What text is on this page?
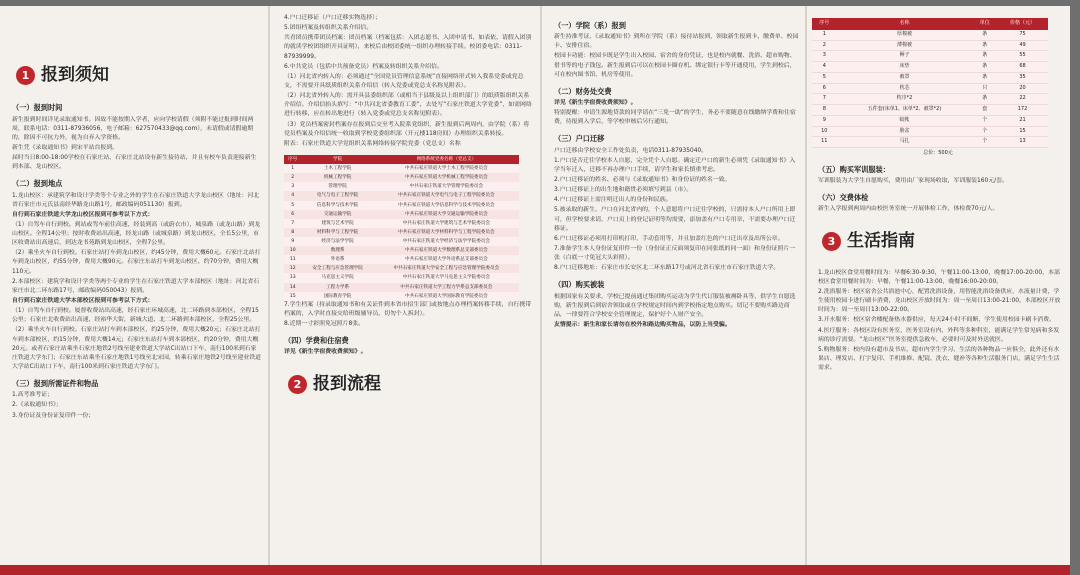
1 报到须知
（一）报到时间
新生报到时间详见录取通知书。因故不能按期入学者，应向学校请假（须附不能过报到时间两周，联系电话：0311-87936056，电子邮箱：627570433@qq.com），未请假或请假逾期的，除因不可抗力外，视为自弃入学资格。
新生凭《录取通知书》到宋平站台报到。
届时当日8:00-18:00学校在石家庄站、石家庄北站设有新生接待站，并且有校车负责迎接新生到本部、龙山校区。
（二）报到地点
1.龙山校区：承建筑学和设计学类等个专业之外的学生在石家庄铁道大学龙山校区（地址：河北省石家庄市元氏县南经华路龙山路1号，邮政编码051130）报到。
自行到石家庄铁道大学龙山校区报到可参考以下方式：
（1）自驾车自行到校。到站或驾车前往高速，经装到高（或蔚衣市），城泉路（或龙山路）到龙山校区。全程14公里；按时收费站出高速，经龙山路（或城泉路）到龙山校区，全长5公里，市区收费站出高速后，到达龙书苑路到龙山校区，全程7公里。
（2）乘坐火车自行到校。石家庄站打车到龙山校区，约45分钟，费用大概60元。石家庄北站打车到龙山校区，约55分钟，费用大概90元。石家庄东站打车到龙山校区，约70分钟，费用大概110元。
2.本部校区：建筑学和设计学类等两个专业的学生在石家庄铁道大学本部校区（地址：河北省石家庄市北二环东路17号，邮政编码050043）报到。
自行到石家庄铁道大学本部校区报到可参考以下方式：
（1）自驾车自行到校。厦督收费站出高速，经石家庄环城高速，北二环路到本部校区，全程15公里；石家庄北收费站出高速，经裕华大街，新城大道、北二环路到本部校区，全程25公里。
（2）乘坐火车自行到校。石家庄站打车到本部校区，约25分钟，费用大概20元；石家庄北站打车到本部校区，约15分钟，费用大概14元；石家庄东站打车到本部校区，约20分钟，费用大概20元。或者石家庄站乘坐石家庄地铁2号线至建业铁道大学站C出站口下车，南行100米到石家庄铁道大学东门；石家庄东站乘坐石家庄地铁1号线至北宋园，转乘石家庄地铁2号线至建业铁道大学站C出站口下车，南行100米到石家庄铁道大学东门。
（三）报到所需证件和物品
1.高考准考证；
2.《录取通知书》；
3.身份证及身份证复印件一份；
4.户口迁移证（户口迁移实物选择）；
5.团组档案及转组织关系介绍信。
共青团员携带团员档案：团员档案（档案包括：入团志愿书、入团申请书、如表依、请假入团别的就读学校团组织开具证明），来校后由校团委统一组织办理转接手续。校团委电话：0311-87939999。
6.中共党员（包括中共预备党员）档案及转组织关系介绍信。
（1）河北省内转入的：必须通过“全国党员管理信息系统”直接网络形式转入我系党委或党总支，不需要开具纸质组织关系介绍信（转入党委或党总支名称见附表）。
（2）河北省外转入的：需开具县委组织部（或相当于县级及以上组织部门）的纸质版组织关系介绍信。介绍信抬头填写：“中共河北省委教育工委”，去处写“石家庄铁道大学党委”，如需网络进行转移，应在转出地进行（转入党委或党总支名称见附表）。
（3）党员档案密封档案存在报到后交至考入院系党组织，新生报到后两周内，由学院（系）将党员档案及介绍信统一收取到学校党委组织部（开元楼118房间）办理组织关系转接。
附表：石家庄铁道大学党组织关系网络转接学院党委（党总支）名称
序号	学院	网络系统党委名称（党总支）
1	土木工程学院	中共石家庄铁道大学土木工程学院委员会
2	机械工程学院	中共石家庄铁道大学机械工程学院委员会
3	管理学院	中共石家庄铁道大学管理学院委员会
4	电气与电子工程学院	中共石家庄铁道大学电气与电子工程学院委员会
5	信息科学与技术学院	中共石家庄铁道大学信息科学与技术学院委员会
6	交通运输学院	中共石家庄铁道大学交通运输学院委员会
7	建筑与艺术学院	中共石家庄铁道大学建筑与艺术学院委员会
8	材料科学与工程学院	中共石家庄铁道大学材料科学与工程学院委员会
9	经济与法学学院	中共石家庄铁道大学经济与法学学院委员会
10	数理系	中共石家庄铁道大学数理系总支部委员会
11	外语系	中共石家庄铁道大学外语系总支部委员会
12	安全工程与应急管理学院	中共石家庄铁道大学安全工程与应急管理学院委员会
13	马克思主义学院	中共石家庄铁道大学马克思主义学院委员会
14	工程力学系	中共石家庄铁道大学工程力学系总支部委员会
15	国际教育学院	中共石家庄铁道大学国际教育学院委员会
7.学生档案（持录取通知书和有关证件到本省市招生部门或按地点办理档案转移手续，自行携带档案的，入学时直接交给班级辅导员，切勿个人拆封）。
8.近期一寸彩照免冠照片8张。
（四）学费和住宿费
详见《新生学宿费收费须知》。
2 报到流程
（一）学院（系）报到
新生持准考证、《录取通知书》到所在学院（系）接待站报到，领取新生报到卡、缴费单、校园卡、安排住宿。
校园卡功能：校园卡既是学生出入校园、宿舍的身份凭证，也是校内就餐、洗浴、超市购物、借书等的电子钱包。新生报到后可以在校园卡圈存机、绑定银行卡等开通使用，学生到校后，可在校内图书馆、机房等使用。
（二）财务处交费
详见《新生学宿费收费须知》。
特别提醒：申请生源地贷款的同学请在“三免一助”的学生，务必不要随意在线缴纳学费和住宿费，待报到入学后，等学校审核后另行通知。
（三）户口迁移
户口迁移由学校安全工作处负责，电话0311-87935040。
1.户口是否迁往学校本人自愿，完全凭个人自愿。确定迁户口的新生必须凭《录取通知书》入学当年迁入，迁移不再办理户口手续，请学生和家长慎重考虑。
2.户口迁移证的姓名、必须与《录取通知书》和身份证的姓名一致。
3.户口迁移证上的出生地和籍贯必须填写到县（市）。
4.户口迁移证上需注明迁出人的身份和民族。
5.被录取的新生，户口在河北省内的，个人意愿将户口迁往学校的，只需持本人户口所用上即可，但学校要求请，户口页上的登记证明等均需要，添加盖有户口专用章，不需要办理户口迁移证。
6.户口迁移证必须用打印机打印，手动套用等，并且加盖红色的户口迁出章及出所公章。
7.准备学生本人身份证复印件一份（身份证正反面须复印在同张纸的同一面）和身份证照片一张（白底一寸免冠大头彩照）。
8.户口迁移地址：石家庄市长安区北二环东路17号或河北省石家庄市石家庄铁道大学。
（四）购买被装
根据国家有关要求，学校已提前通过集团购买运动为学生代订服装被褥卧具等，供学生自愿选购，新生报到后到宿舍领取或在学校规定时间内到学校指定地点购买。切记不要购买路边商品，一律要符合学校安全管理规定，保护好个人财产安全。
友情提示：新生和家长请勿在校外和路边购买物品，以防上当受骗。
序号	名称	单位	价格（元）
1	厚棉被	条	75
2	薄棉被	条	49
3	褥子	条	55
4	床垫	条	68
5	被罩	条	35
6	枕芯	只	20
7	枕巾*2	条	22
8	五件套(床单1、床单*2、被罩*2)	套	172
9	蚊帐	个	21
10	脸盆	个	15
11	马扎	个	13
总价：500元
（五）购买军训服装：
军训服装为大学生自愿购买，费用由厂家现场收取，军训服装160元/套。
（六）交费体检
新生入学报到两周内由校医务室统一开展体检工作，体检费70元/人。
3 生活指南
1.龙山校区食堂用餐时间为：早餐6:30-9:30，午餐11:00-13:00，晚餐17:00-20:00，本部校区食堂用餐时间为：早餐，午餐11:00-13:00，晚餐16:00-20:00。
2.洗浴服务：校区宿舍公共浴池中心，配置洗浴设备，用智能洗浴设备供应，水流量计费，学生使用校园卡进行刷卡消费，龙山校区开放时间为：周一至周日13:00-21:00，本部校区开放时间为：周一至周日13:00-22:00。
3.开水服务：校区宿舍楼配备热水器供应，每天24小时不间断，学生使用校园卡刷卡消费。
4.医疗服务：各校区设有医务室，医务室设有内、外科等多种科室，能满足学生常见病和多发病的诊疗需要。“龙山校区”医务室提供急救车，必要时可及时外送就医。
5.购物服务：校内设有超市及书店，超市内学生学习、生活的各种物品一应俱全，此外还有水果店、理发店、打字复印、手机维修、配镜、洗衣、缝补等各种生活服务门店，满足学生生活需求。
